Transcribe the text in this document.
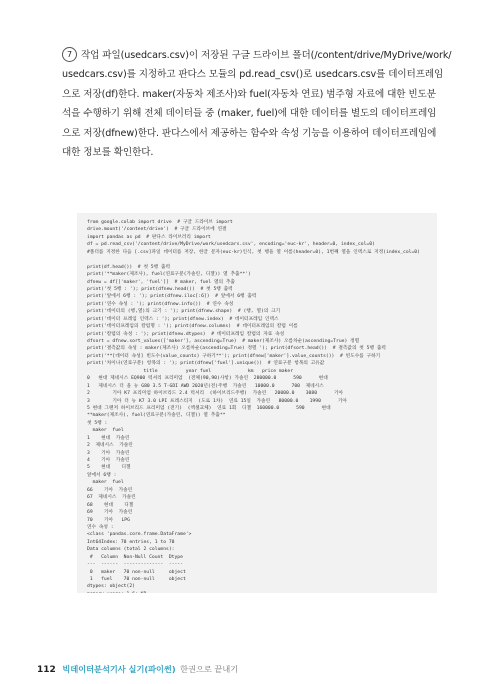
7 작업 파일(usedcars.csv)이 저장된 구글 드라이브 폴더(/content/drive/MyDrive/work/
usedcars.csv)를 지정하고 판다스 모듈의 pd.read_csv()로 usedcars.csv를 데이터프레임
으로 저장(df)한다. maker(자동차 제조사)와 fuel(자동차 연료) 범주형 자료에 대한 빈도분
석을 수행하기 위해 전체 데이터들 중 (maker, fuel)에 대한 데이터를 별도의 데이터프레임
으로 저장(dfnew)한다. 판다스에서 제공하는 함수와 속성 기능을 이용하여 데이터프레임에
대한 정보를 확인한다.
from google.colab import drive  # 구글 드라이브 import
drive.mount('/content/drive')  # 구글 드라이브에 연결
import pandas as pd  # 판다스 라이브러리 import
df = pd.read_csv('/content/drive/MyDrive/work/usedcars.csv', encoding='euc-kr', header=0, index_col=0)
#폴더를 지정한 다음 [.csv]파일 데이터를 저장, 한글 문자(euc-kr)인식, 첫 행을 열 이름(header=0), 1번째 열을 인덱스로 지정(index_col=0)
print(df.head())  # 첫 5행 출력
print('**maker(제조사), fuel(연료구분(가솔린, 디젤)) 열 추출**')
dfnew = df[['maker', 'fuel']]  # maker, fuel 열의 추출
print('첫 5행 : '); print(dfnew.head())  # 첫 5행 출력
print('앞에서 6행 : '); print(dfnew.iloc[:6])  # 앞에서 6행 출력
print('연수 속성 : '); print(dfnew.info())  # 연수 속성
print('데이터의 (행,열)의 크기 : '); print(dfnew.shape)  # (행, 열)의 크기
print('데이터 프레임 인덱스 : '); print(dfnew.index)  # 데이터프레임 인덱스
print('데이터프레임의 칼럼명 : '); print(dfnew.columns)  # 데이터프레임의 칼럼 이름
print('칼럼의 속성 : '); print(dfnew.dtypes)  # 데이터프레임 칼럼의 자료 속성
dfsort = dfnew.sort_values(['maker'], ascending=True)  # maker(제조사) 오름차순(ascending=True) 정렬
print('결측값의 속성 : maker(제조사) 오름차순(ascending=True) 정렬 '); print(dfsort.head())  # 결측값의 첫 5행 출력
print('**[데이터 속성] 빈도수(value_counts) 구하기**'); print(dfnew['maker'].value_counts())  # 빈도수를 구하기
print('차이나(연료구분) 항목의 : '); print(dfnew['fuel'].unique())  # 연료구분 항목의 고유값
title          year fuel             km   price maker
0   현대 제네시스 EQ900 럭셔리 프리미엄  (전체(90,90)사항) 가솔린  280000.0      590      현대
1   제네시스 더 올 뉴 G80 3.5 T-GDI AWD 2020년(전)주행  가솔린   10000.0      700  제네시스
2        기아 K7 프리미엄 하이브리드 2.4 럭셔리  (하이브리드주행)  가솔린   20000.0    3080      기아
3        기아 더 뉴 K7 3.0 LPI 프레스티지  (도로 1차)  연료 15일  가솔린   80000.0    1990      기아
5 현대 그랜저 하이브리드 프리미엄 (전기)  (액셀교체)  연료 1회  디젤  160000.0      590      현대
**maker(제조사), fuel(연료구분(가솔린, 디젤)) 열 추출**
첫 5행 :
maker  fuel
1    현대  가솔린
2  제네시스  가솔린
3    기아  가솔린
4    기아  가솔린
5    현대    디젤
앞에서 6행 :
maker  fuel
66    기아  가솔린
67  제네시스  가솔린
68    현대    디젤
69    기아  가솔린
70    기아   LPG
연수 속성 :
<class 'pandas.core.frame.DataFrame'>
Int64Index: 70 entries, 1 to 70
Data columns (total 2 columns):
#   Column  Non-Null Count  Dtype
---  ------  --------------  -----
0   maker   70 non-null     object
1   fuel    70 non-null     object
dtypes: object(2)
112 빅데이터분석기사 실기(파이썬) 한권으로 끝내기
